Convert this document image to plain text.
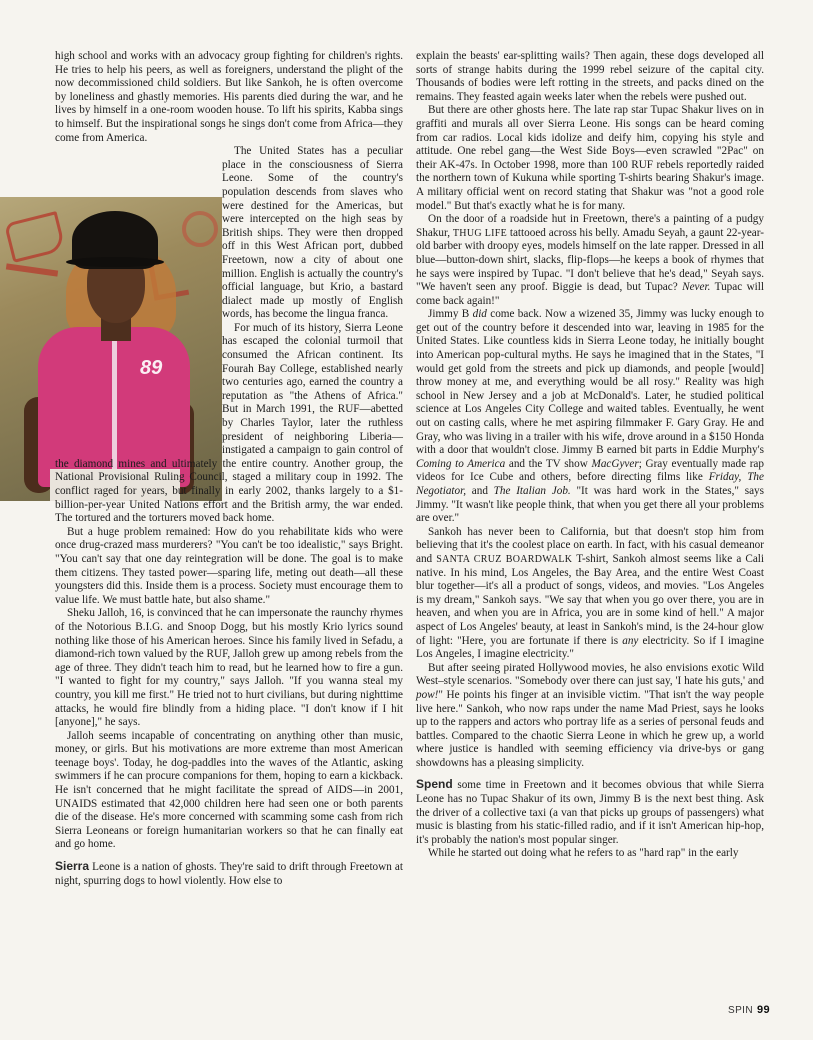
89

high school and works with an advocacy group fighting for children's rights. He tries to help his peers, as well as foreigners, understand the plight of the now decommissioned child soldiers. But like Sankoh, he is often overcome by loneliness and ghastly memories. His parents died during the war, and he lives by himself in a one-room wooden house. To lift his spirits, Kabba sings to himself. But the inspirational songs he sings don't come from Africa—they come from America.

The United States has a peculiar place in the consciousness of Sierra Leone. Some of the country's population descends from slaves who were destined for the Americas, but were intercepted on the high seas by British ships. They were then dropped off in this West African port, dubbed Freetown, now a city of about one million. English is actually the country's official language, but Krio, a bastard dialect made up mostly of English words, has become the lingua franca.

For much of its history, Sierra Leone has escaped the colonial turmoil that consumed the African continent. Its Fourah Bay College, established nearly two centuries ago, earned the country a reputation as "the Athens of Africa." But in March 1991, the RUF—abetted by Charles Taylor, later the ruthless president of neighboring Liberia—instigated a campaign to gain control of the diamond mines and ultimately the entire country. Another group, the National Provisional Ruling Council, staged a military coup in 1992. The conflict raged for years, but finally in early 2002, thanks largely to a $1-billion-per-year United Nations effort and the British army, the war ended. The tortured and the torturers moved back home.

But a huge problem remained: How do you rehabilitate kids who were once drug-crazed mass murderers? "You can't be too idealistic," says Bright. "You can't say that one day reintegration will be done. The goal is to make them citizens. They tasted power—sparing life, meting out death—all these youngsters did this. Inside them is a process. Society must encourage them to value life. We must battle hate, but also shame."

Sheku Jalloh, 16, is convinced that he can impersonate the raunchy rhymes of the Notorious B.I.G. and Snoop Dogg, but his mostly Krio lyrics sound nothing like those of his American heroes. Since his family lived in Sefadu, a diamond-rich town valued by the RUF, Jalloh grew up among rebels from the age of three. They didn't teach him to read, but he learned how to fire a gun. "I wanted to fight for my country," says Jalloh. "If you wanna steal my country, you kill me first." He tried not to hurt civilians, but during nighttime attacks, he would fire blindly from a hiding place. "I don't know if I hit [anyone]," he says.

Jalloh seems incapable of concentrating on anything other than music, money, or girls. But his motivations are more extreme than most American teenage boys'. Today, he dog-paddles into the waves of the Atlantic, asking swimmers if he can procure companions for them, hoping to earn a kickback. He isn't concerned that he might facilitate the spread of AIDS—in 2001, UNAIDS estimated that 42,000 children here had seen one or both parents die of the disease. He's more concerned with scamming some cash from rich Sierra Leoneans or foreign humanitarian workers so that he can finally eat and go home.

Sierra Leone is a nation of ghosts. They're said to drift through Freetown at night, spurring dogs to howl violently. How else to

explain the beasts' ear-splitting wails? Then again, these dogs developed all sorts of strange habits during the 1999 rebel seizure of the capital city. Thousands of bodies were left rotting in the streets, and packs dined on the remains. They feasted again weeks later when the rebels were pushed out.

But there are other ghosts here. The late rap star Tupac Shakur lives on in graffiti and murals all over Sierra Leone. His songs can be heard coming from car radios. Local kids idolize and deify him, copying his style and attitude. One rebel gang—the West Side Boys—even scrawled "2Pac" on their AK-47s. In October 1998, more than 100 RUF rebels reportedly raided the northern town of Kukuna while sporting T-shirts bearing Shakur's image. A military official went on record stating that Shakur was "not a good role model." But that's exactly what he is for many.

On the door of a roadside hut in Freetown, there's a painting of a pudgy Shakur, THUG LIFE tattooed across his belly. Amadu Seyah, a gaunt 22-year-old barber with droopy eyes, models himself on the late rapper. Dressed in all blue—button-down shirt, slacks, flip-flops—he keeps a book of rhymes that he says were inspired by Tupac. "I don't believe that he's dead," Seyah says. "We haven't seen any proof. Biggie is dead, but Tupac? Never. Tupac will come back again!"

Jimmy B did come back. Now a wizened 35, Jimmy was lucky enough to get out of the country before it descended into war, leaving in 1985 for the United States. Like countless kids in Sierra Leone today, he initially bought into American pop-cultural myths. He says he imagined that in the States, "I would get gold from the streets and pick up diamonds, and people [would] throw money at me, and everything would be all rosy." Reality was high school in New Jersey and a job at McDonald's. Later, he studied political science at Los Angeles City College and waited tables. Eventually, he went out on casting calls, where he met aspiring filmmaker F. Gary Gray. He and Gray, who was living in a trailer with his wife, drove around in a $150 Honda with a door that wouldn't close. Jimmy B earned bit parts in Eddie Murphy's Coming to America and the TV show MacGyver; Gray eventually made rap videos for Ice Cube and others, before directing films like Friday, The Negotiator, and The Italian Job. "It was hard work in the States," says Jimmy. "It wasn't like people think, that when you get there all your problems are over."

Sankoh has never been to California, but that doesn't stop him from believing that it's the coolest place on earth. In fact, with his casual demeanor and SANTA CRUZ BOARDWALK T-shirt, Sankoh almost seems like a Cali native. In his mind, Los Angeles, the Bay Area, and the entire West Coast blur together—it's all a product of songs, videos, and movies. "Los Angeles is my dream," Sankoh says. "We say that when you go over there, you are in heaven, and when you are in Africa, you are in some kind of hell." A major aspect of Los Angeles' beauty, at least in Sankoh's mind, is the 24-hour glow of light: "Here, you are fortunate if there is any electricity. So if I imagine Los Angeles, I imagine electricity."

But after seeing pirated Hollywood movies, he also envisions exotic Wild West–style scenarios. "Somebody over there can just say, 'I hate his guts,' and pow!" He points his finger at an invisible victim. "That isn't the way people live here." Sankoh, who now raps under the name Mad Priest, says he looks up to the rappers and actors who portray life as a series of personal feuds and battles. Compared to the chaotic Sierra Leone in which he grew up, a world where justice is handled with seeming efficiency via drive-bys or gang showdowns has a pleasing simplicity.

Spend some time in Freetown and it becomes obvious that while Sierra Leone has no Tupac Shakur of its own, Jimmy B is the next best thing. Ask the driver of a collective taxi (a van that picks up groups of passengers) what music is blasting from his static-filled radio, and if it isn't American hip-hop, it's probably the nation's most popular singer.

While he started out doing what he refers to as "hard rap" in the early

SPIN 99
